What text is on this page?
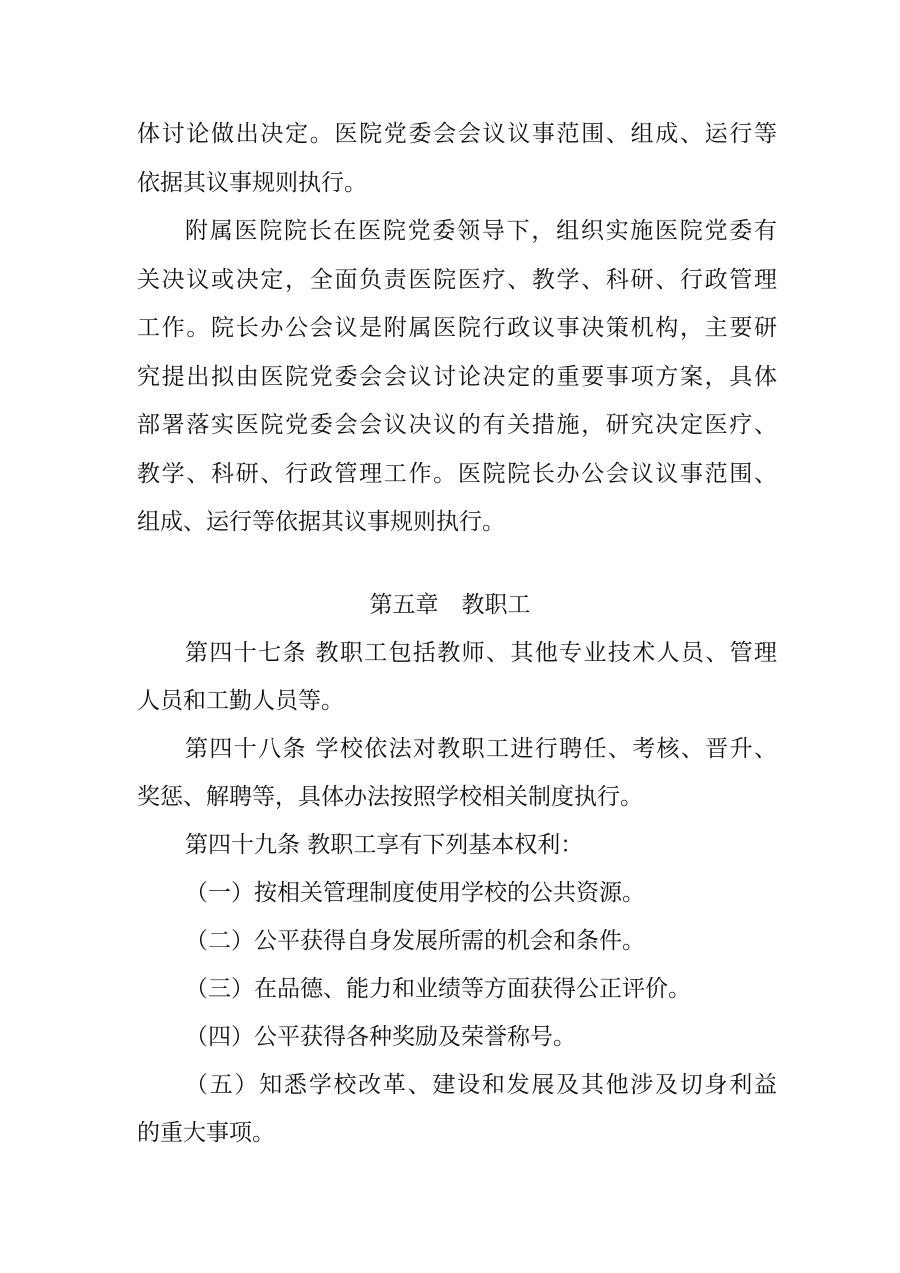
体讨论做出决定。医院党委会会议议事范围、组成、运行等
依据其议事规则执行。
附属医院院长在医院党委领导下，组织实施医院党委有
关决议或决定，全面负责医院医疗、教学、科研、行政管理
工作。院长办公会议是附属医院行政议事决策机构，主要研
究提出拟由医院党委会会议讨论决定的重要事项方案，具体
部署落实医院党委会会议决议的有关措施，研究决定医疗、
教学、科研、行政管理工作。医院院长办公会议议事范围、
组成、运行等依据其议事规则执行。
第五章　教职工
第四十七条 教职工包括教师、其他专业技术人员、管理
人员和工勤人员等。
第四十八条 学校依法对教职工进行聘任、考核、晋升、
奖惩、解聘等，具体办法按照学校相关制度执行。
第四十九条 教职工享有下列基本权利：
（一）按相关管理制度使用学校的公共资源。
（二）公平获得自身发展所需的机会和条件。
（三）在品德、能力和业绩等方面获得公正评价。
（四）公平获得各种奖励及荣誉称号。
（五）知悉学校改革、建设和发展及其他涉及切身利益
的重大事项。
